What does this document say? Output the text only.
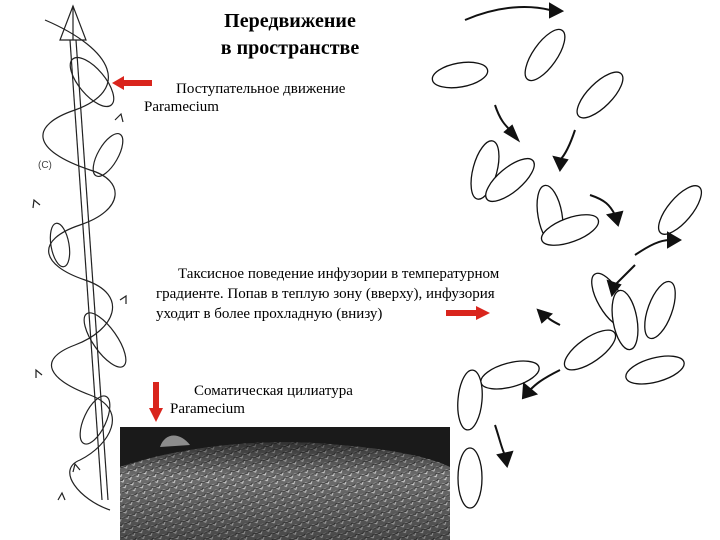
(C)
Передвижение
в пространстве
Поступательное движение
Paramecium
Таксисное поведение инфузории в температурном
градиенте. Попав в теплую зону (вверху), инфузория
уходит в более прохладную (внизу)
Соматическая цилиатура
Paramecium
